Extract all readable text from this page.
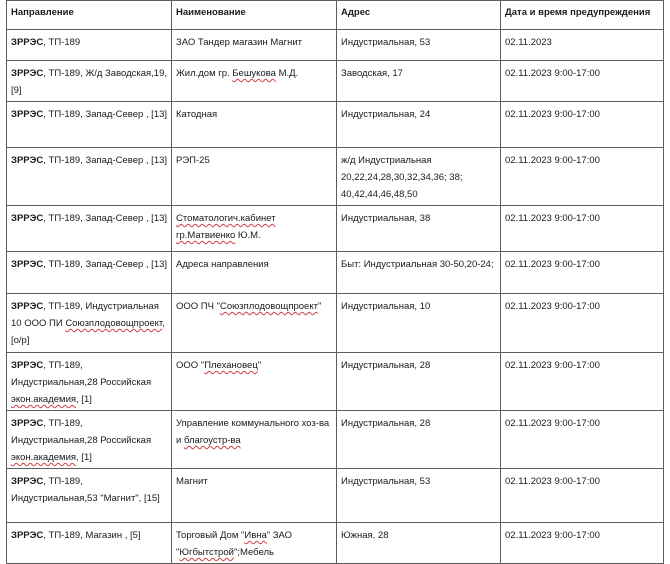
Направление	Наименование	Адрес	Дата и время предупреждения
ЗРРЭС, ТП-189	ЗАО Тандер магазин Магнит	Индустриальная, 53	02.11.2023
ЗРРЭС, ТП-189, Ж/д Заводская,19, [9]	Жил.дом гр. Бешукова М.Д.	Заводская, 17	02.11.2023 9:00-17:00
ЗРРЭС, ТП-189, Запад-Север , [13]	Катодная	Индустриальная, 24	02.11.2023 9:00-17:00
ЗРРЭС, ТП-189, Запад-Север , [13]	РЭП-25	ж/д Индустриальная 20,22,24,28,30,32,34,36; 38; 40,42,44,46,48,50	02.11.2023 9:00-17:00
ЗРРЭС, ТП-189, Запад-Север , [13]	Стоматологич.кабинет гр.Матвиенко Ю.М.	Индустриальная, 38	02.11.2023 9:00-17:00
ЗРРЭС, ТП-189, Запад-Север , [13]	Адреса направления	Быт: Индустриальная 30-50,20-24;	02.11.2023 9:00-17:00
ЗРРЭС, ТП-189, Индустриальная 10 ООО ПИ Союзплодовощпроект, [о/р]	ООО ПЧ "Союзплодовощпроект"	Индустриальная, 10	02.11.2023 9:00-17:00
ЗРРЭС, ТП-189, Индустриальная,28 Российская экон.академия, [1]	ООО "Плехановец"	Индустриальная, 28	02.11.2023 9:00-17:00
ЗРРЭС, ТП-189, Индустриальная,28 Российская экон.академия, [1]	Управление коммунального хоз-ва и благоустр-ва	Индустриальная, 28	02.11.2023 9:00-17:00
ЗРРЭС, ТП-189, Индустриальная,53 "Магнит", [15]	Магнит	Индустриальная, 53	02.11.2023 9:00-17:00
ЗРРЭС, ТП-189, Магазин , [5]	Торговый Дом "Ивна" ЗАО "Югбытстрой";Мебель	Южная, 28	02.11.2023 9:00-17:00
